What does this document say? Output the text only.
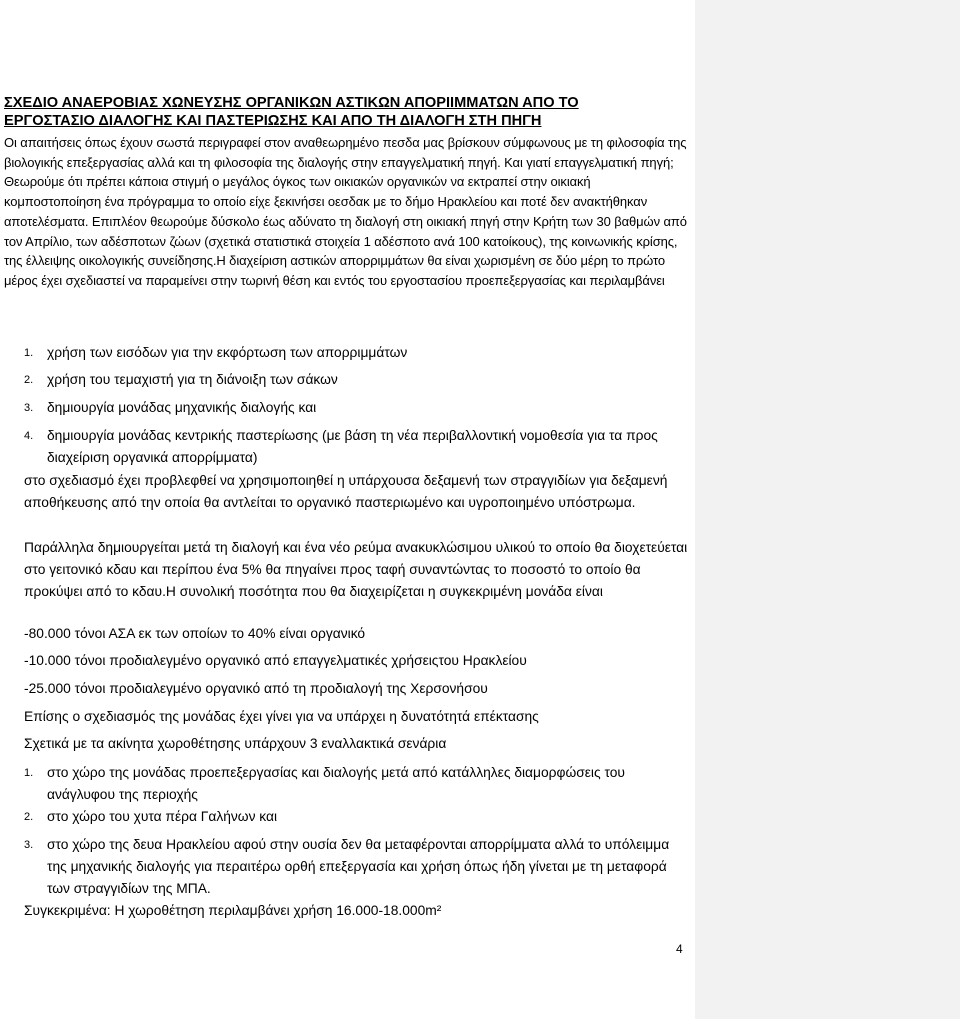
ΣΧΕΔΙΟ ΑΝΑΕΡΟΒΙΑΣ ΧΩΝΕΥΣΗΣ ΟΡΓΑΝΙΚΩΝ ΑΣΤΙΚΩΝ ΑΠΟΡΙΙΜΜΑΤΩΝ ΑΠΟ ΤΟ
ΕΡΓΟΣΤΑΣΙΟ ΔΙΑΛΟΓΗΣ ΚΑΙ ΠΑΣΤΕΡΙΩΣΗΣ ΚΑΙ ΑΠΟ ΤΗ ΔΙΑΛΟΓΗ ΣΤΗ ΠΗΓΗ
Οι απαιτήσεις όπως έχουν σωστά περιγραφεί στον αναθεωρημένο πεσδα μας βρίσκουν σύμφωνους με τη φιλοσοφία της βιολογικής επεξεργασίας αλλά και τη φιλοσοφία της διαλογής στην επαγγελματική πηγή. Και γιατί επαγγελματική πηγή; Θεωρούμε ότι πρέπει κάποια στιγμή ο μεγάλος όγκος των οικιακών οργανικών να εκτραπεί στην οικιακή κομποστοποίηση ένα πρόγραμμα το οποίο είχε ξεκινήσει οεσδακ με το δήμο Ηρακλείου και ποτέ δεν ανακτήθηκαν αποτελέσματα. Επιπλέον θεωρούμε δύσκολο έως αδύνατο τη διαλογή στη οικιακή πηγή στην Κρήτη των 30 βαθμών από τον Απρίλιο, των αδέσποτων ζώων (σχετικά στατιστικά στοιχεία 1 αδέσποτο ανά 100 κατοίκους), της κοινωνικής κρίσης, της έλλειψης οικολογικής συνείδησης.Η διαχείριση αστικών απορριμμάτων θα είναι χωρισμένη σε δύο μέρη το πρώτο μέρος έχει σχεδιαστεί να παραμείνει στην τωρινή θέση και εντός του εργοστασίου προεπεξεργασίας και περιλαμβάνει
1.	χρήση των εισόδων για την εκφόρτωση των απορριμμάτων
2.	χρήση του τεμαχιστή για τη διάνοιξη των σάκων
3.	δημιουργία μονάδας μηχανικής διαλογής και
4.	δημιουργία μονάδας κεντρικής παστερίωσης (με βάση τη νέα περιβαλλοντική νομοθεσία για τα προς διαχείριση οργανικά απορρίμματα)
στο σχεδιασμό έχει προβλεφθεί να χρησιμοποιηθεί η υπάρχουσα δεξαμενή των στραγγιδίων για δεξαμενή αποθήκευσης από την οποία θα αντλείται το οργανικό παστεριωμένο και υγροποιημένο υπόστρωμα.
Παράλληλα δημιουργείται μετά τη διαλογή και ένα νέο ρεύμα ανακυκλώσιμου υλικού το οποίο θα διοχετεύεται στο γειτονικό κδαυ και περίπου ένα 5% θα πηγαίνει προς ταφή συναντώντας το ποσοστό το οποίο θα προκύψει από το κδαυ.Η συνολική ποσότητα που θα διαχειρίζεται η συγκεκριμένη μονάδα είναι
-80.000 τόνοι ΑΣΑ εκ των οποίων το 40% είναι οργανικό
-10.000 τόνοι προδιαλεγμένο οργανικό από επαγγελματικές χρήσειςτου Ηρακλείου
-25.000 τόνοι προδιαλεγμένο οργανικό από τη προδιαλογή της Χερσονήσου
Επίσης ο σχεδιασμός της μονάδας έχει γίνει για να υπάρχει η δυνατότητά επέκτασης
Σχετικά με τα ακίνητα χωροθέτησης υπάρχουν 3 εναλλακτικά σενάρια
1.	στο χώρο της μονάδας προεπεξεργασίας και διαλογής μετά από κατάλληλες διαμορφώσεις του ανάγλυφου της περιοχής
2.	στο χώρο του χυτα πέρα Γαλήνων και
3.	στο χώρο της δευα Ηρακλείου αφού στην ουσία δεν θα μεταφέρονται απορρίμματα αλλά το υπόλειμμα της μηχανικής διαλογής για περαιτέρω ορθή επεξεργασία και χρήση όπως ήδη γίνεται με τη μεταφορά των στραγγιδίων της ΜΠΑ.
Συγκεκριμένα: Η χωροθέτηση περιλαμβάνει χρήση 16.000-18.000m²
4
